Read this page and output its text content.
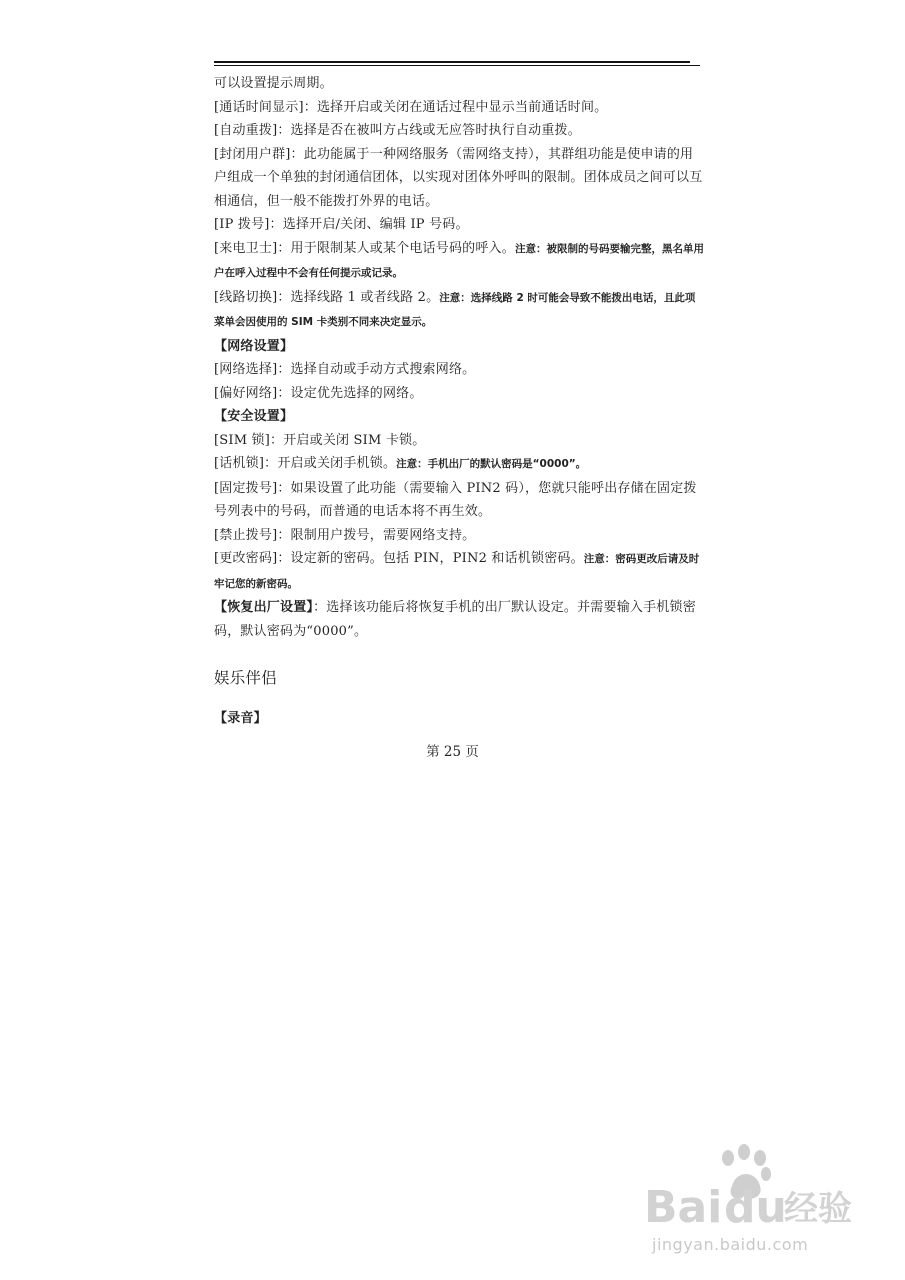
可以设置提示周期。

[通话时间显示]：选择开启或关闭在通话过程中显示当前通话时间。

[自动重拨]：选择是否在被叫方占线或无应答时执行自动重拨。

[封闭用户群]：此功能属于一种网络服务（需网络支持），其群组功能是使申请的用户组成一个单独的封闭通信团体，以实现对团体外呼叫的限制。团体成员之间可以互相通信，但一般不能拨打外界的电话。

[IP 拨号]：选择开启/关闭、编辑 IP 号码。

[来电卫士]：用于限制某人或某个电话号码的呼入。注意：被限制的号码要输完整，黑名单用户在呼入过程中不会有任何提示或记录。

[线路切换]：选择线路 1 或者线路 2。注意：选择线路 2 时可能会导致不能拨出电话，且此项菜单会因使用的 SIM 卡类别不同来决定显示。

【网络设置】

[网络选择]：选择自动或手动方式搜索网络。

[偏好网络]：设定优先选择的网络。

【安全设置】

[SIM 锁]：开启或关闭 SIM 卡锁。

[话机锁]：开启或关闭手机锁。注意：手机出厂的默认密码是“0000”。

[固定拨号]：如果设置了此功能（需要输入 PIN2 码），您就只能呼出存储在固定拨号列表中的号码，而普通的电话本将不再生效。

[禁止拨号]：限制用户拨号，需要网络支持。

[更改密码]：设定新的密码。包括 PIN，PIN2 和话机锁密码。注意：密码更改后请及时牢记您的新密码。

【恢复出厂设置】：选择该功能后将恢复手机的出厂默认设定。并需要输入手机锁密码，默认密码为“0000”。

娱乐伴侣

【录音】

第 25 页
Bai du
经验
jingyan.baidu.com
